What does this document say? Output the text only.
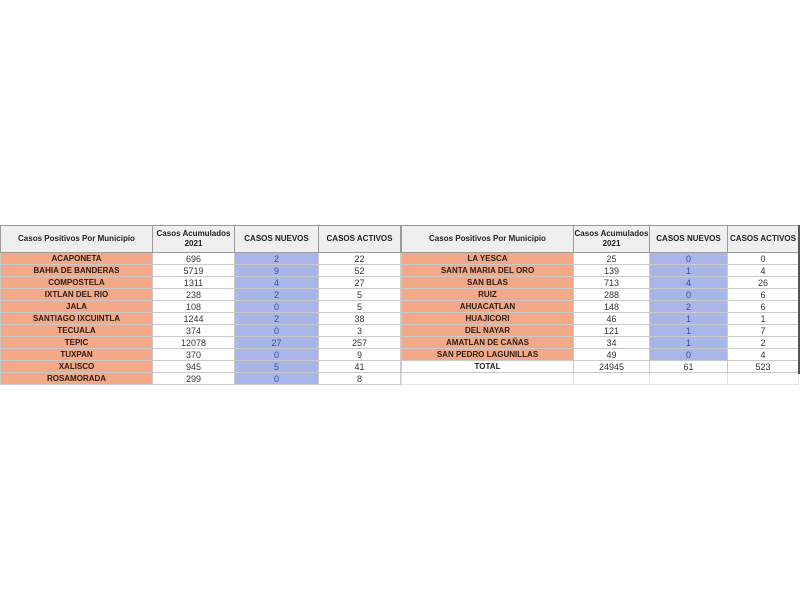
Casos Positivos Por Municipio	Casos Acumulados 2021	CASOS NUEVOS	CASOS ACTIVOS
ACAPONETA	696	2	22
BAHIA DE BANDERAS	5719	9	52
COMPOSTELA	1311	4	27
IXTLAN DEL RIO	238	2	5
JALA	108	0	5
SANTIAGO IXCUINTLA	1244	2	38
TECUALA	374	0	3
TEPIC	12078	27	257
TUXPAN	370	0	9
XALISCO	945	5	41
ROSAMORADA	299	0	8
Casos Positivos Por Municipio	Casos Acumulados 2021	CASOS NUEVOS	CASOS ACTIVOS
LA YESCA	25	0	0
SANTA MARIA DEL ORO	139	1	4
SAN BLAS	713	4	26
RUIZ	288	0	6
AHUACATLAN	148	2	6
HUAJICORI	46	1	1
DEL NAYAR	121	1	7
AMATLAN DE CAÑAS	34	1	2
SAN PEDRO LAGUNILLAS	49	0	4
TOTAL	24945	61	523
